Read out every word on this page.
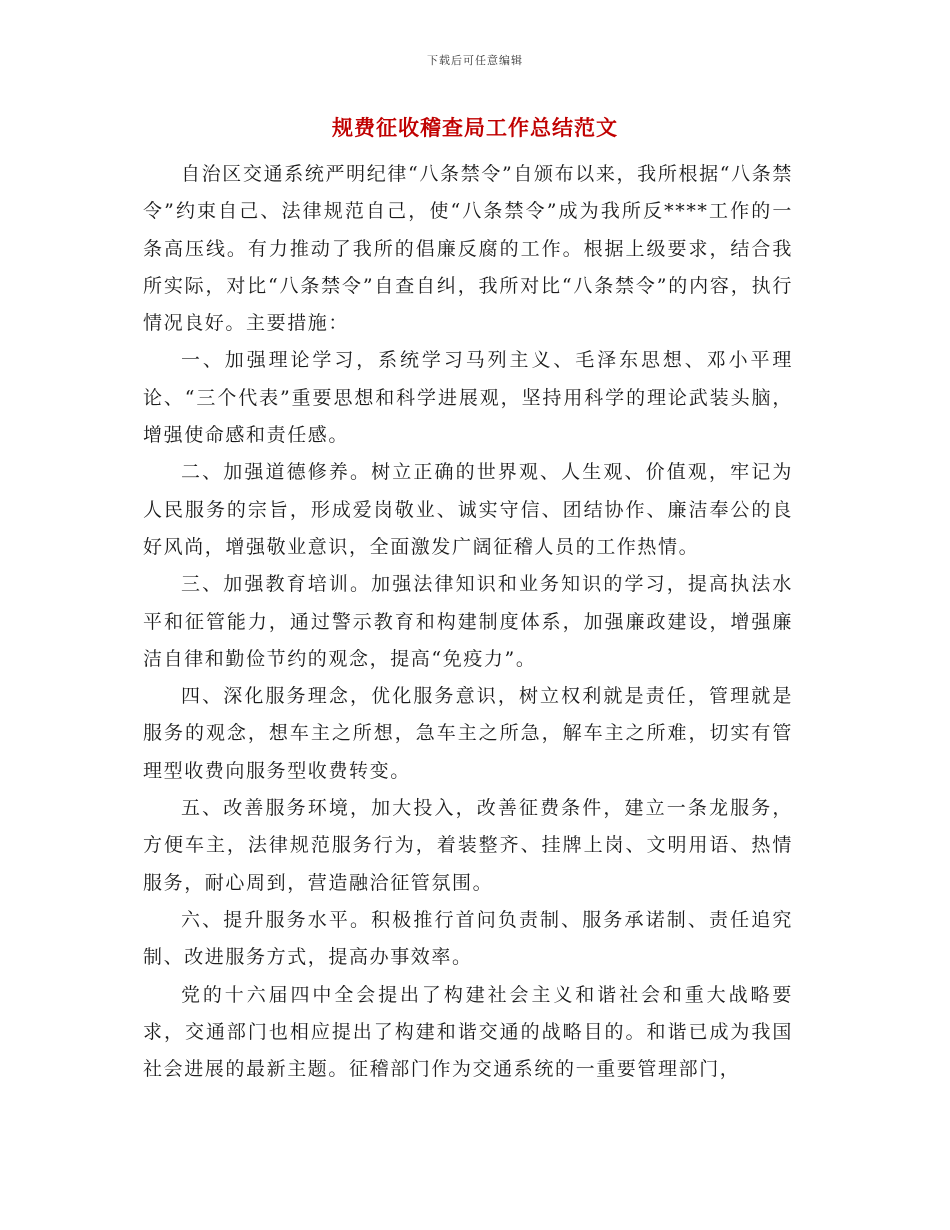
下载后可任意编辑
规费征收稽查局工作总结范文

自治区交通系统严明纪律“八条禁令”自颁布以来，我所根据“八条禁令”约束自己、法律规范自己，使“八条禁令”成为我所反****工作的一条高压线。有力推动了我所的倡廉反腐的工作。根据上级要求，结合我所实际，对比“八条禁令”自查自纠，我所对比“八条禁令”的内容，执行情况良好。主要措施：

一、加强理论学习，系统学习马列主义、毛泽东思想、邓小平理论、“三个代表”重要思想和科学进展观，坚持用科学的理论武装头脑，增强使命感和责任感。

二、加强道德修养。树立正确的世界观、人生观、价值观，牢记为人民服务的宗旨，形成爱岗敬业、诚实守信、团结协作、廉洁奉公的良好风尚，增强敬业意识，全面激发广阔征稽人员的工作热情。

三、加强教育培训。加强法律知识和业务知识的学习，提高执法水平和征管能力，通过警示教育和构建制度体系，加强廉政建设，增强廉洁自律和勤俭节约的观念，提高“免疫力”。

四、深化服务理念，优化服务意识，树立权利就是责任，管理就是服务的观念，想车主之所想，急车主之所急，解车主之所难，切实有管理型收费向服务型收费转变。

五、改善服务环境，加大投入，改善征费条件，建立一条龙服务，方便车主，法律规范服务行为，着装整齐、挂牌上岗、文明用语、热情服务，耐心周到，营造融洽征管氛围。

六、提升服务水平。积极推行首问负责制、服务承诺制、责任追究制、改进服务方式，提高办事效率。

党的十六届四中全会提出了构建社会主义和谐社会和重大战略要求，交通部门也相应提出了构建和谐交通的战略目的。和谐已成为我国社会进展的最新主题。征稽部门作为交通系统的一重要管理部门，
